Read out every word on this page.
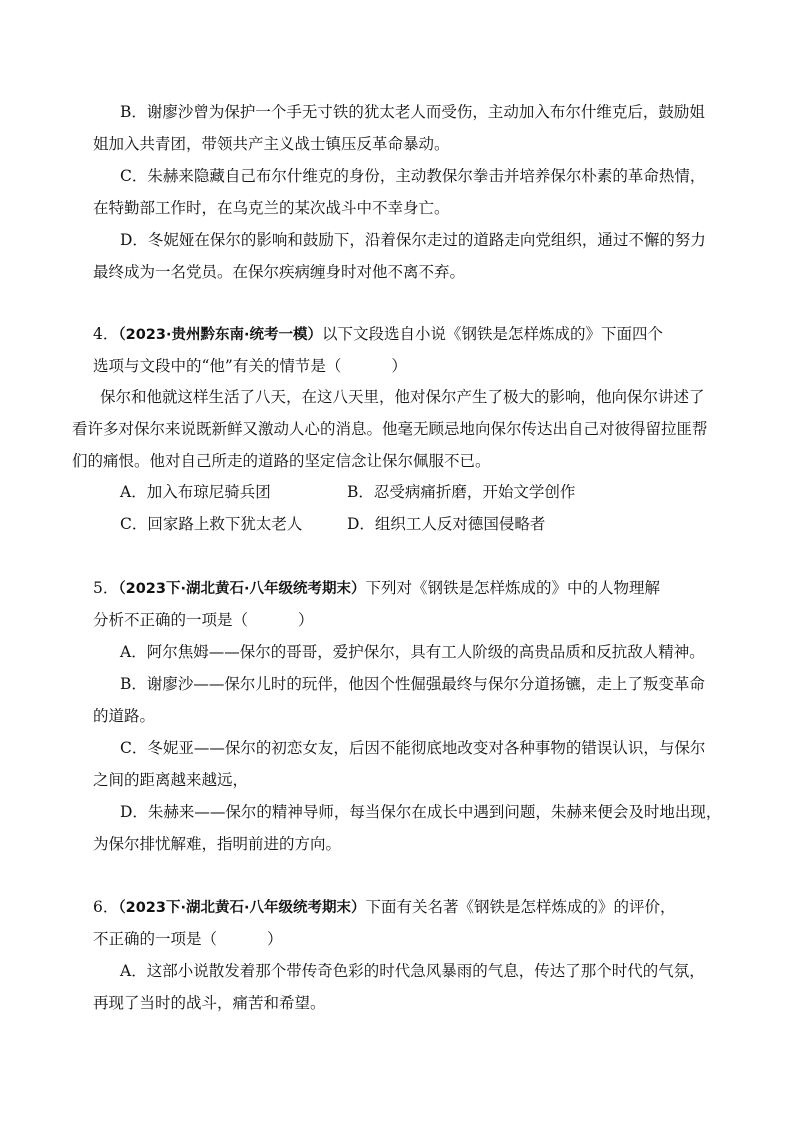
B．谢廖沙曾为保护一个手无寸铁的犹太老人而受伤，主动加入布尔什维克后，鼓励姐
姐加入共青团，带领共产主义战士镇压反革命暴动。
C．朱赫来隐藏自己布尔什维克的身份，主动教保尔拳击并培养保尔朴素的革命热情，
在特勤部工作时，在乌克兰的某次战斗中不幸身亡。
D．冬妮娅在保尔的影响和鼓励下，沿着保尔走过的道路走向党组织，通过不懈的努力
最终成为一名党员。在保尔疾病缠身时对他不离不弃。
4．（2023·贵州黔东南·统考一模）以下文段选自小说《钢铁是怎样炼成的》下面四个
选项与文段中的“他”有关的情节是（	）
保尔和他就这样生活了八天，在这八天里，他对保尔产生了极大的影响，他向保尔讲述了
看许多对保尔来说既新鲜又激动人心的消息。他毫无顾忌地向保尔传达出自己对彼得留拉匪帮
们的痛恨。他对自己所走的道路的坚定信念让保尔佩服不已。
A．加入布琼尼骑兵团	B．忍受病痛折磨，开始文学创作
C．回家路上救下犹太老人	D．组织工人反对德国侵略者
5．（2023下·湖北黄石·八年级统考期末）下列对《钢铁是怎样炼成的》中的人物理解
分析不正确的一项是（	）
A．阿尔焦姆——保尔的哥哥，爱护保尔，具有工人阶级的高贵品质和反抗敌人精神。
B．谢廖沙——保尔儿时的玩伴，他因个性倔强最终与保尔分道扬镳，走上了叛变革命
的道路。
C．冬妮亚——保尔的初恋女友，后因不能彻底地改变对各种事物的错误认识，与保尔
之间的距离越来越远，
D．朱赫来——保尔的精神导师，每当保尔在成长中遇到问题，朱赫来便会及时地出现，
为保尔排忧解难，指明前进的方向。
6．（2023下·湖北黄石·八年级统考期末）下面有关名著《钢铁是怎样炼成的》的评价，
不正确的一项是（	）
A．这部小说散发着那个带传奇色彩的时代急风暴雨的气息，传达了那个时代的气氛，
再现了当时的战斗，痛苦和希望。
